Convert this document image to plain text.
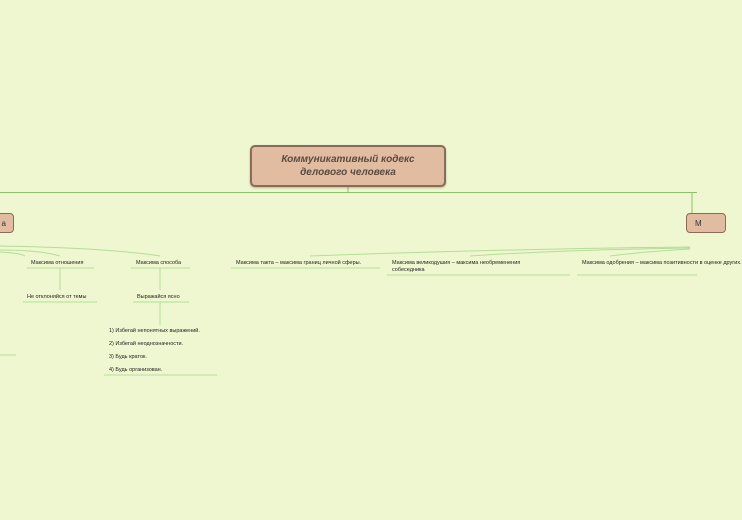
Коммуникативный кодекс делового человека
а	М
Максима отношения
Не отклоняйся от темы
Максима способа
Выражайся ясно
1) Избегай непонятных выражений.
2) Избегай неоднозначности.
3) Будь краток.
4) Будь организован.
Максима такта – максима границ личной сферы.	Максима великодушия – максима необременения собеседника
Максима одобрения – максима позитивности в оценке других.
